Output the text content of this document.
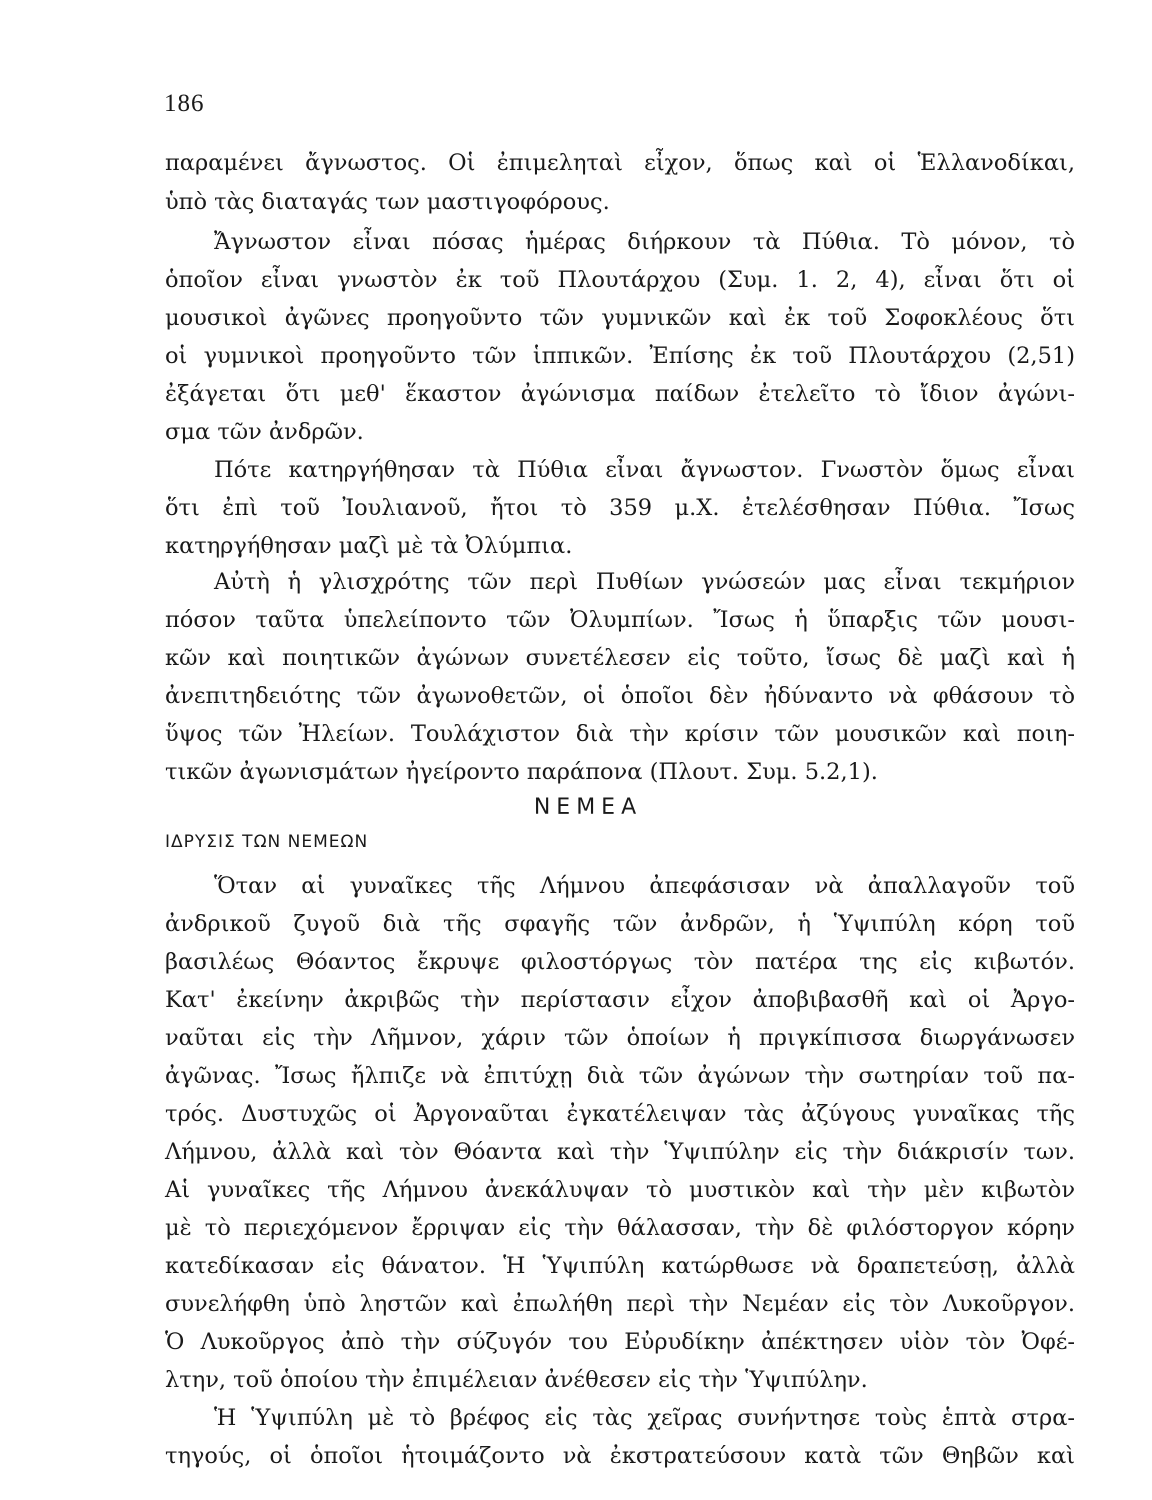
186
παραμένει ἄγνωστος. Οἱ ἐπιμεληταὶ εἶχον, ὅπως καὶ οἱ Ἑλλανοδίκαι,
ὑπὸ τὰς διαταγάς των μαστιγοφόρους.
Ἄγνωστον εἶναι πόσας ἡμέρας διήρκουν τὰ Πύθια. Τὸ μόνον, τὸ
ὁποῖον εἶναι γνωστὸν ἐκ τοῦ Πλουτάρχου (Συμ. 1. 2, 4), εἶναι ὅτι οἱ
μουσικοὶ ἀγῶνες προηγοῦντο τῶν γυμνικῶν καὶ ἐκ τοῦ Σοφοκλέους ὅτι
οἱ γυμνικοὶ προηγοῦντο τῶν ἱππικῶν. Ἐπίσης ἐκ τοῦ Πλουτάρχου (2,51)
ἐξάγεται ὅτι μεθ' ἕκαστον ἀγώνισμα παίδων ἐτελεῖτο τὸ ἴδιον ἀγώνι-
σμα τῶν ἀνδρῶν.
Πότε κατηργήθησαν τὰ Πύθια εἶναι ἄγνωστον. Γνωστὸν ὅμως εἶναι
ὅτι ἐπὶ τοῦ Ἰουλιανοῦ, ἤτοι τὸ 359 μ.Χ. ἐτελέσθησαν Πύθια. Ἴσως
κατηργήθησαν μαζὶ μὲ τὰ Ὀλύμπια.
Αὐτὴ ἡ γλισχρότης τῶν περὶ Πυθίων γνώσεών μας εἶναι τεκμήριον
πόσον ταῦτα ὑπελείποντο τῶν Ὀλυμπίων. Ἴσως ἡ ὕπαρξις τῶν μουσι-
κῶν καὶ ποιητικῶν ἀγώνων συνετέλεσεν εἰς τοῦτο, ἴσως δὲ μαζὶ καὶ ἡ
ἀνεπιτηδειότης τῶν ἀγωνοθετῶν, οἱ ὁποῖοι δὲν ἠδύναντο νὰ φθάσουν τὸ
ὕψος τῶν Ἠλείων. Τουλάχιστον διὰ τὴν κρίσιν τῶν μουσικῶν καὶ ποιη-
τικῶν ἀγωνισμάτων ἠγείροντο παράπονα (Πλουτ. Συμ. 5.2,1).
ΝΕΜΕΑ
ΙΔΡΥΣΙΣ ΤΩΝ ΝΕΜΕΩΝ
Ὅταν αἱ γυναῖκες τῆς Λήμνου ἀπεφάσισαν νὰ ἀπαλλαγοῦν τοῦ
ἀνδρικοῦ ζυγοῦ διὰ τῆς σφαγῆς τῶν ἀνδρῶν, ἡ Ὑψιπύλη κόρη τοῦ
βασιλέως Θόαντος ἔκρυψε φιλοστόργως τὸν πατέρα της εἰς κιβωτόν.
Κατ' ἐκείνην ἀκριβῶς τὴν περίστασιν εἶχον ἀποβιβασθῆ καὶ οἱ Ἀργο-
ναῦται εἰς τὴν Λῆμνον, χάριν τῶν ὁποίων ἡ πριγκίπισσα διωργάνωσεν
ἀγῶνας. Ἴσως ἤλπιζε νὰ ἐπιτύχῃ διὰ τῶν ἀγώνων τὴν σωτηρίαν τοῦ πα-
τρός. Δυστυχῶς οἱ Ἀργοναῦται ἐγκατέλειψαν τὰς ἀζύγους γυναῖκας τῆς
Λήμνου, ἀλλὰ καὶ τὸν Θόαντα καὶ τὴν Ὑψιπύλην εἰς τὴν διάκρισίν των.
Αἱ γυναῖκες τῆς Λήμνου ἀνεκάλυψαν τὸ μυστικὸν καὶ τὴν μὲν κιβωτὸν
μὲ τὸ περιεχόμενον ἔρριψαν εἰς τὴν θάλασσαν, τὴν δὲ φιλόστοργον κόρην
κατεδίκασαν εἰς θάνατον. Ἡ Ὑψιπύλη κατώρθωσε νὰ δραπετεύσῃ, ἀλλὰ
συνελήφθη ὑπὸ ληστῶν καὶ ἐπωλήθη περὶ τὴν Νεμέαν εἰς τὸν Λυκοῦργον.
Ὁ Λυκοῦργος ἀπὸ τὴν σύζυγόν του Εὐρυδίκην ἀπέκτησεν υἱὸν τὸν Ὀφέ-
λτην, τοῦ ὁποίου τὴν ἐπιμέλειαν ἀνέθεσεν εἰς τὴν Ὑψιπύλην.
Ἡ Ὑψιπύλη μὲ τὸ βρέφος εἰς τὰς χεῖρας συνήντησε τοὺς ἑπτὰ στρα-
τηγούς, οἱ ὁποῖοι ἡτοιμάζοντο νὰ ἐκστρατεύσουν κατὰ τῶν Θηβῶν καὶ
